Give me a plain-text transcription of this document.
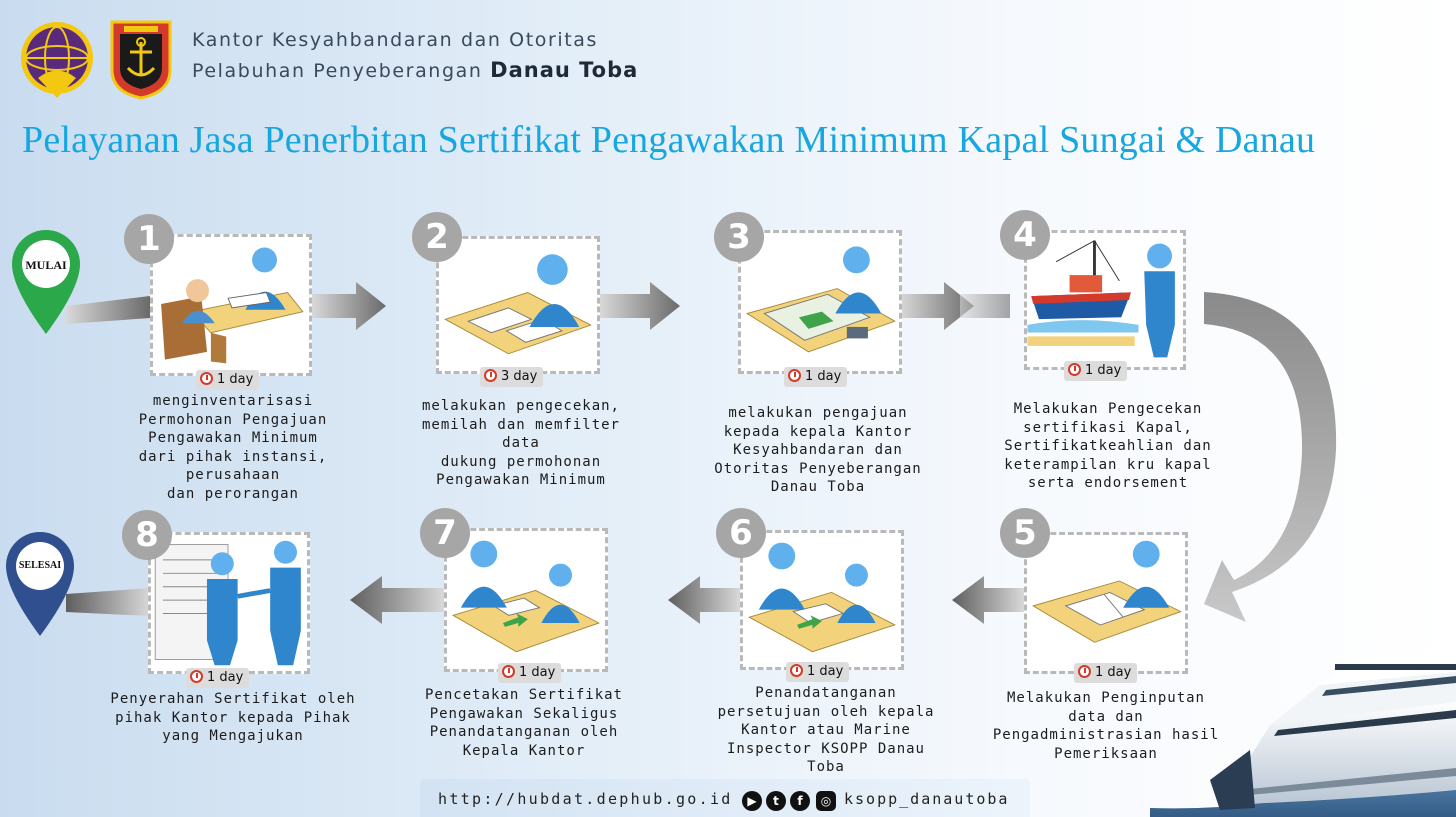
Kantor Kesyahbandaran dan Otoritas
Pelabuhan Penyeberangan Danau Toba
Pelayanan Jasa Penerbitan Sertifikat Pengawakan Minimum Kapal Sungai & Danau
MULAI
SELESAI
1
1 day
menginventarisasi
Permohonan Pengajuan
Pengawakan Minimum
dari pihak instansi,
perusahaan
dan perorangan
2
3 day
melakukan pengecekan,
memilah dan memfilter
data
dukung permohonan
Pengawakan Minimum
3
1 day
melakukan pengajuan
kepada kepala Kantor
Kesyahbandaran dan
Otoritas Penyeberangan
Danau Toba
4
1 day
Melakukan Pengecekan
sertifikasi Kapal,
Sertifikatkeahlian dan
keterampilan kru kapal
serta endorsement
5
1 day
Melakukan Penginputan
data dan
Pengadministrasian hasil
Pemeriksaan
6
1 day
Penandatanganan
persetujuan oleh kepala
Kantor atau Marine
Inspector KSOPP Danau
Toba
7
1 day
Pencetakan Sertifikat
Pengawakan Sekaligus
Penandatanganan oleh
Kepala Kantor
8
1 day
Penyerahan Sertifikat oleh
pihak Kantor kepada Pihak
yang Mengajukan
http://hubdat.dephub.go.id	▶	t	f	◎ ksopp_danautoba
